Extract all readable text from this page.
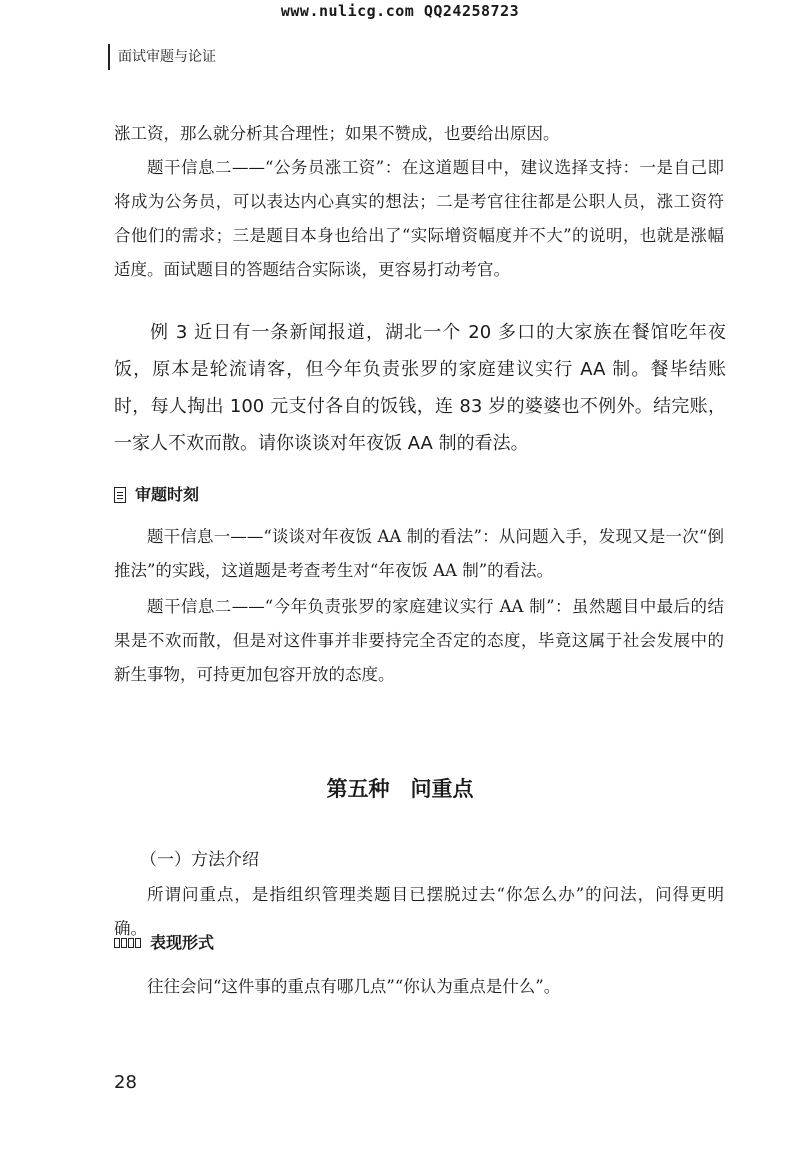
www.nulicg.com QQ24258723
面试审题与论证

涨工资，那么就分析其合理性；如果不赞成，也要给出原因。

题干信息二——“公务员涨工资”：在这道题目中，建议选择支持：一是自己即将成为公务员，可以表达内心真实的想法；二是考官往往都是公职人员，涨工资符合他们的需求；三是题目本身也给出了“实际增资幅度并不大”的说明，也就是涨幅适度。面试题目的答题结合实际谈，更容易打动考官。

例 3 近日有一条新闻报道，湖北一个 20 多口的大家族在餐馆吃年夜饭，原本是轮流请客，但今年负责张罗的家庭建议实行 AA 制。餐毕结账时，每人掏出 100 元支付各自的饭钱，连 83 岁的婆婆也不例外。结完账，一家人不欢而散。请你谈谈对年夜饭 AA 制的看法。

审题时刻

题干信息一——“谈谈对年夜饭 AA 制的看法”：从问题入手，发现又是一次“倒推法”的实践，这道题是考查考生对“年夜饭 AA 制”的看法。

题干信息二——“今年负责张罗的家庭建议实行 AA 制”：虽然题目中最后的结果是不欢而散，但是对这件事并非要持完全否定的态度，毕竟这属于社会发展中的新生事物，可持更加包容开放的态度。

第五种　问重点
（一）方法介绍

所谓问重点，是指组织管理类题目已摆脱过去“你怎么办”的问法，问得更明确。

表现形式

往往会问“这件事的重点有哪几点”“你认为重点是什么”。

28
